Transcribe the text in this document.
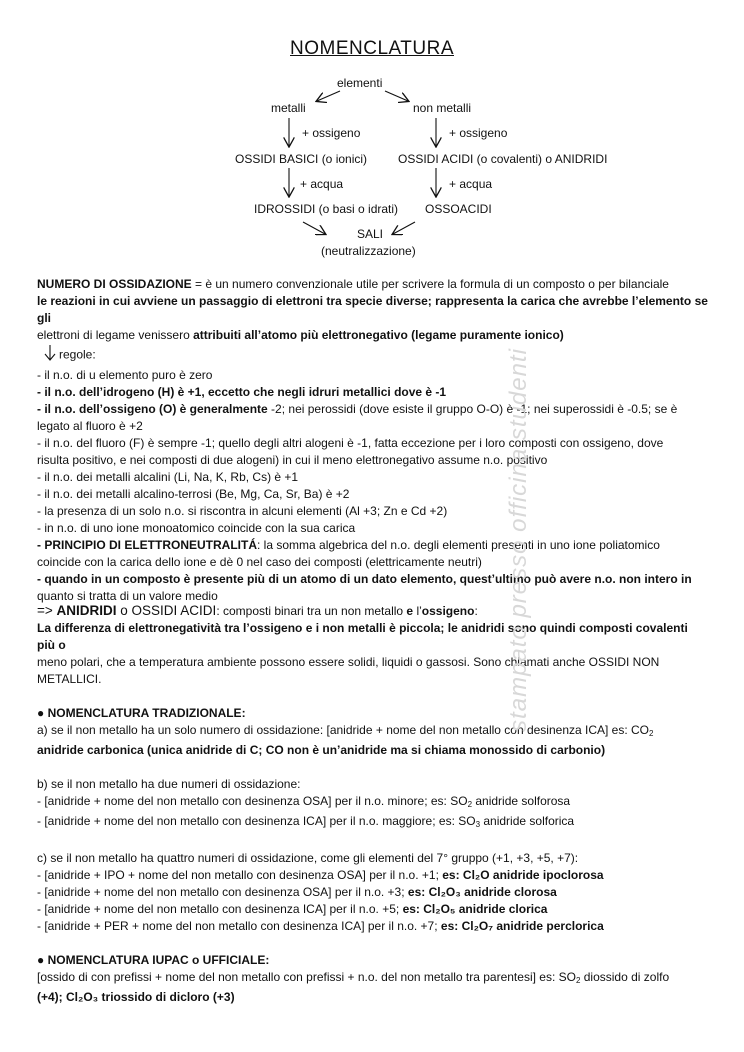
NOMENCLATURA
elementi
metalli	non metalli
+ ossigeno	+ ossigeno
OSSIDI BASICI (o ionici)	OSSIDI ACIDI (o covalenti) o ANIDRIDI
+ acqua	+ acqua
IDROSSIDI (o basi o idrati) OSSOACIDI
SALI
(neutralizzazione)

NUMERO DI OSSIDAZIONE = è un numero convenzionale utile per scrivere la formula di un composto o per bilanciale

le reazioni in cui avviene un passaggio di elettroni tra specie diverse; rappresenta la carica che avrebbe l’elemento se gli

elettroni di legame venissero attribuiti all’atomo più elettronegativo (legame puramente ionico)

regole:

- il n.o. di u elemento puro è zero

- il n.o. dell’idrogeno (H) è +1, eccetto che negli idruri metallici dove è -1

- il n.o. dell’ossigeno (O) è generalmente -2; nei perossidi (dove esiste il gruppo O-O) è -1; nei superossidi è -0.5; se è

legato al fluoro è +2

- il n.o. del fluoro (F) è sempre -1; quello degli altri alogeni è -1, fatta eccezione per i loro composti con ossigeno, dove

risulta positivo, e nei composti di due alogeni) in cui il meno elettronegativo assume n.o. positivo

- il n.o. dei metalli alcalini (Li, Na, K, Rb, Cs) è +1

- il n.o. dei metalli alcalino-terrosi (Be, Mg, Ca, Sr, Ba) è +2

- la presenza di un solo n.o. si riscontra in alcuni elementi (Al +3; Zn e Cd +2)

- in n.o. di uno ione monoatomico coincide con la sua carica

- PRINCIPIO DI ELETTRONEUTRALITÁ: la somma algebrica del n.o. degli elementi presenti in uno ione poliatomico

coincide con la carica dello ione e dè 0 nel caso dei composti (elettricamente neutri)

- quando in un composto è presente più di un atomo di un dato elemento, quest’ultimo può avere n.o. non intero in

quanto si tratta di un valore medio

=> ANIDRIDI o OSSIDI ACIDI: composti binari tra un non metallo e l’ossigeno:

La differenza di elettronegatività tra l’ossigeno e i non metalli è piccola; le anidridi sono quindi composti covalenti più o

meno polari, che a temperatura ambiente possono essere solidi, liquidi o gassosi. Sono chiamati anche OSSIDI NON

METALLICI.

● NOMENCLATURA TRADIZIONALE:

a) se il non metallo ha un solo numero di ossidazione: [anidride + nome del non metallo con desinenza ICA] es: $CO_2$

anidride carbonica (unica anidride di C; CO non è un’anidride ma si chiama monossido di carbonio)

b) se il non metallo ha due numeri di ossidazione:

- [anidride + nome del non metallo con desinenza OSA] per il n.o. minore; es: $SO_2$ anidride solforosa

- [anidride + nome del non metallo con desinenza ICA] per il n.o. maggiore; es: $SO_3$ anidride solforica

c) se il non metallo ha quattro numeri di ossidazione, come gli elementi del 7° gruppo (+1, +3, +5, +7):

- [anidride + IPO + nome del non metallo con desinenza OSA] per il n.o. +1; es: Cl₂O anidride ipoclorosa

- [anidride + nome del non metallo con desinenza OSA] per il n.o. +3; es: Cl₂O₃ anidride clorosa

- [anidride + nome del non metallo con desinenza ICA] per il n.o. +5; es: Cl₂O₅ anidride clorica

- [anidride + PER + nome del non metallo con desinenza ICA] per il n.o. +7; es: Cl₂O₇ anidride perclorica

● NOMENCLATURA IUPAC o UFFICIALE:

[ossido di con prefissi + nome del non metallo con prefissi + n.o. del non metallo tra parentesi] es: $SO_2$ diossido di zolfo

(+4); Cl₂O₃ triossido di dicloro (+3)

stampato presso officina studenti
